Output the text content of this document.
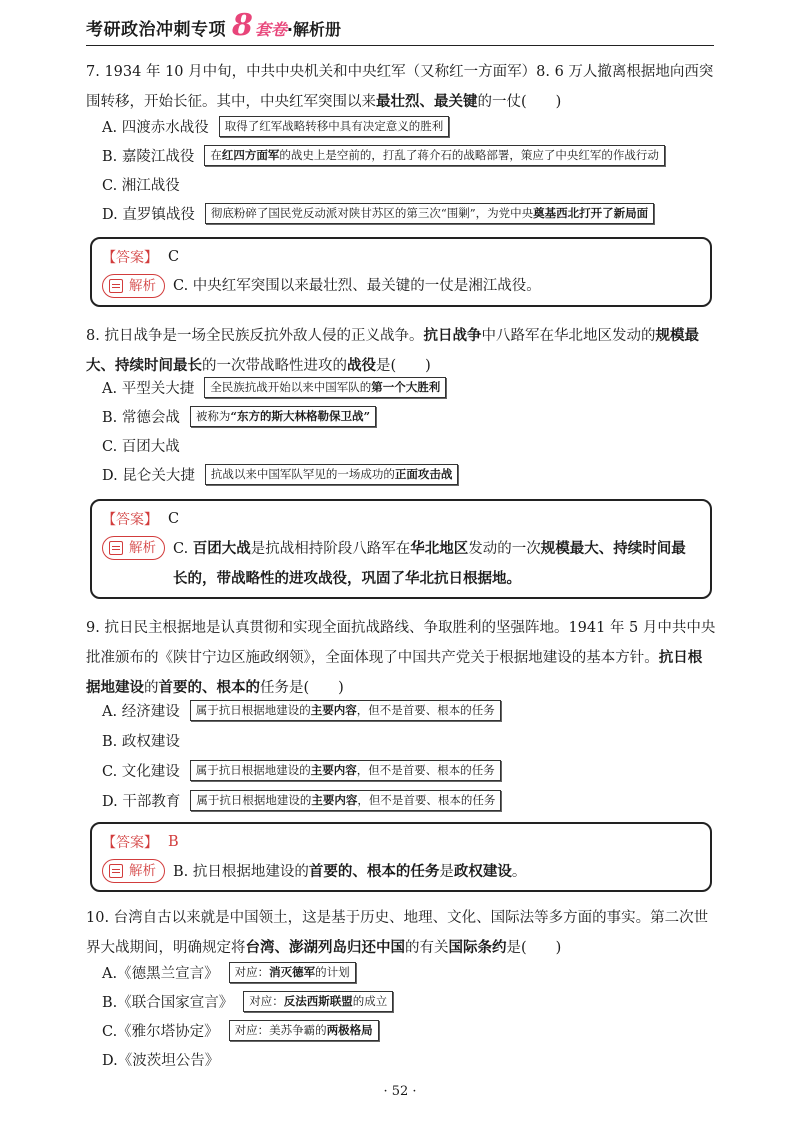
考研政治冲刺专项 8 套卷 ·解析册
7. 1934 年 10 月中旬，中共中央机关和中央红军（又称红一方面军）8. 6 万人撤离根据地向西突围转移，开始长征。其中，中央红军突围以来最壮烈、最关键的一仗(　　)
A. 四渡赤水战役	取得了红军战略转移中具有决定意义的胜利
B. 嘉陵江战役	在红四方面军的战史上是空前的，打乱了蒋介石的战略部署，策应了中央红军的作战行动
C. 湘江战役
D. 直罗镇战役	彻底粉碎了国民党反动派对陕甘苏区的第三次“围剿”，为党中央奠基西北打开了新局面
【答案】 C
解析 C. 中央红军突围以来最壮烈、最关键的一仗是湘江战役。
8. 抗日战争是一场全民族反抗外敌人侵的正义战争。抗日战争中八路军在华北地区发动的规模最大、持续时间最长的一次带战略性进攻的战役是(　　)
A. 平型关大捷	全民族抗战开始以来中国军队的第一个大胜利
B. 常德会战	被称为“东方的斯大林格勒保卫战”
C. 百团大战
D. 昆仑关大捷	抗战以来中国军队罕见的一场成功的正面攻击战
【答案】 C
解析 C. 百团大战是抗战相持阶段八路军在华北地区发动的一次规模最大、持续时间最长的，带战略性的进攻战役，巩固了华北抗日根据地。
9. 抗日民主根据地是认真贯彻和实现全面抗战路线、争取胜利的坚强阵地。1941 年 5 月中共中央批准颁布的《陕甘宁边区施政纲领》，全面体现了中国共产党关于根据地建设的基本方针。抗日根据地建设的首要的、根本的任务是(　　)
A. 经济建设	属于抗日根据地建设的主要内容，但不是首要、根本的任务
B. 政权建设
C. 文化建设	属于抗日根据地建设的主要内容，但不是首要、根本的任务
D. 干部教育	属于抗日根据地建设的主要内容，但不是首要、根本的任务
【答案】 B
解析 B. 抗日根据地建设的首要的、根本的任务是政权建设。
10. 台湾自古以来就是中国领土，这是基于历史、地理、文化、国际法等多方面的事实。第二次世界大战期间，明确规定将台湾、澎湖列岛归还中国的有关国际条约是(　　)
A.《德黑兰宣言》	对应：消灭德军的计划
B.《联合国家宣言》	对应：反法西斯联盟的成立
C.《雅尔塔协定》	对应：美苏争霸的两极格局
D.《波茨坦公告》
· 52 ·
